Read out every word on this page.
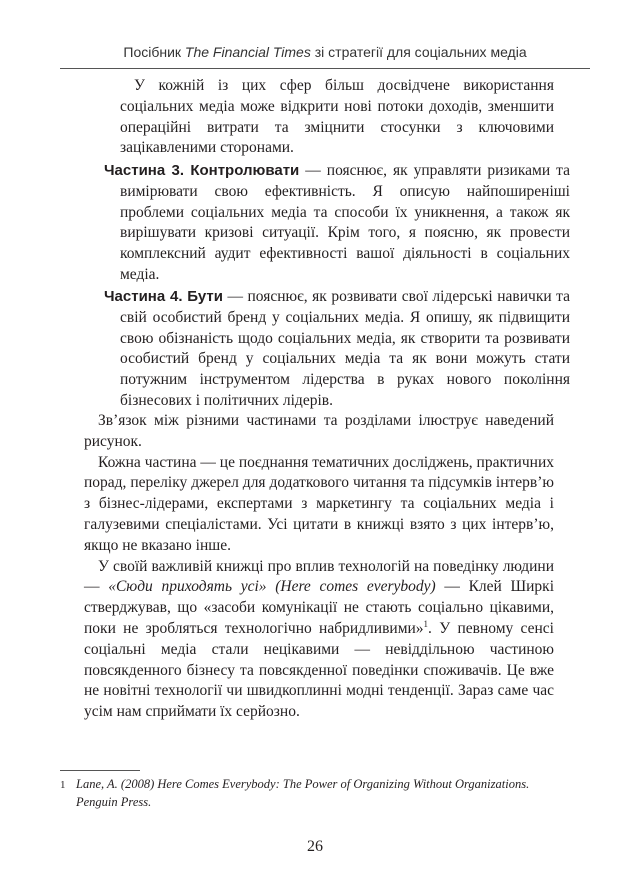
Посібник The Financial Times зі стратегії для соціальних медіа

У кожній із цих сфер більш досвідчене використання соціальних медіа може відкрити нові потоки доходів, зменшити операційні витрати та зміцнити стосунки з ключовими зацікавленими сторонами.

Частина 3. Контролювати — пояснює, як управляти ризиками та вимірювати свою ефективність. Я описую найпоширеніші проблеми соціальних медіа та способи їх уникнення, а також як вирішувати кризові ситуації. Крім того, я поясню, як провести комплексний аудит ефективності вашої діяльності в соціальних медіа.
Частина 4. Бути — пояснює, як розвивати свої лідерські навички та свій особистий бренд у соціальних медіа. Я опишу, як підвищити свою обізнаність щодо соціальних медіа, як створити та розвивати особистий бренд у соціальних медіа та як вони можуть стати потужним інструментом лідерства в руках нового покоління бізнесових і політичних лідерів.

Зв’язок між різними частинами та розділами ілюструє наведений рисунок.

Кожна частина — це поєднання тематичних досліджень, практичних порад, переліку джерел для додаткового читання та підсумків інтерв’ю з бізнес-лідерами, експертами з маркетингу та соціальних медіа і галузевими спеціалістами. Усі цитати в книжці взято з цих інтерв’ю, якщо не вказано інше.

У своїй важливій книжці про вплив технологій на поведінку людини — «Сюди приходять усі» (Here comes everybody) — Клей Ширкі стверджував, що «засоби комунікації не стають соціально цікавими, поки не зробляться технологічно набридливими»$^1$. У певному сенсі соціальні медіа стали нецікавими — невіддільною частиною повсякденного бізнесу та повсякденної поведінки споживачів. Це вже не новітні технології чи швидкоплинні модні тенденції. Зараз саме час усім нам сприймати їх серйозно.

1 Lane, A. (2008) Here Comes Everybody: The Power of Organizing Without Organizations. Penguin Press.
26
